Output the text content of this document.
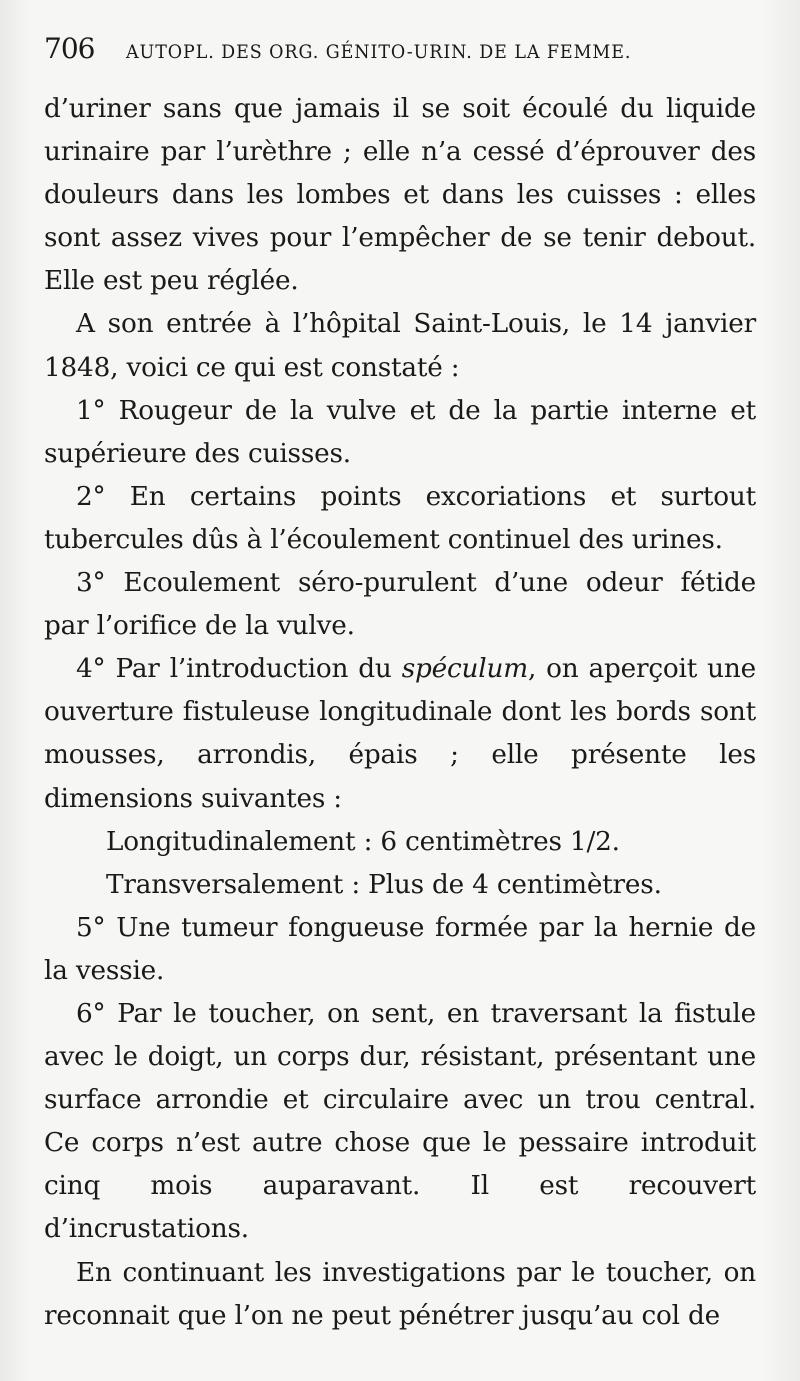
706 AUTOPL. DES ORG. GÉNITO-URIN. DE LA FEMME.

d’uriner sans que jamais il se soit écoulé du liquide urinaire par l’urèthre ; elle n’a cessé d’éprouver des douleurs dans les lombes et dans les cuisses : elles sont assez vives pour l’empêcher de se tenir debout. Elle est peu réglée.

A son entrée à l’hôpital Saint-Louis, le 14 janvier 1848, voici ce qui est constaté :

1° Rougeur de la vulve et de la partie interne et supérieure des cuisses.

2° En certains points excoriations et surtout tubercules dûs à l’écoulement continuel des urines.

3° Ecoulement séro-purulent d’une odeur fétide par l’orifice de la vulve.

4° Par l’introduction du spéculum, on aperçoit une ouverture fistuleuse longitudinale dont les bords sont mousses, arrondis, épais ; elle présente les dimensions suivantes :

Longitudinalement : 6 centimètres 1/2.

Transversalement : Plus de 4 centimètres.

5° Une tumeur fongueuse formée par la hernie de la vessie.

6° Par le toucher, on sent, en traversant la fistule avec le doigt, un corps dur, résistant, présentant une surface arrondie et circulaire avec un trou central. Ce corps n’est autre chose que le pessaire introduit cinq mois auparavant. Il est recouvert d’incrustations.

En continuant les investigations par le toucher, on reconnait que l’on ne peut pénétrer jusqu’au col de
